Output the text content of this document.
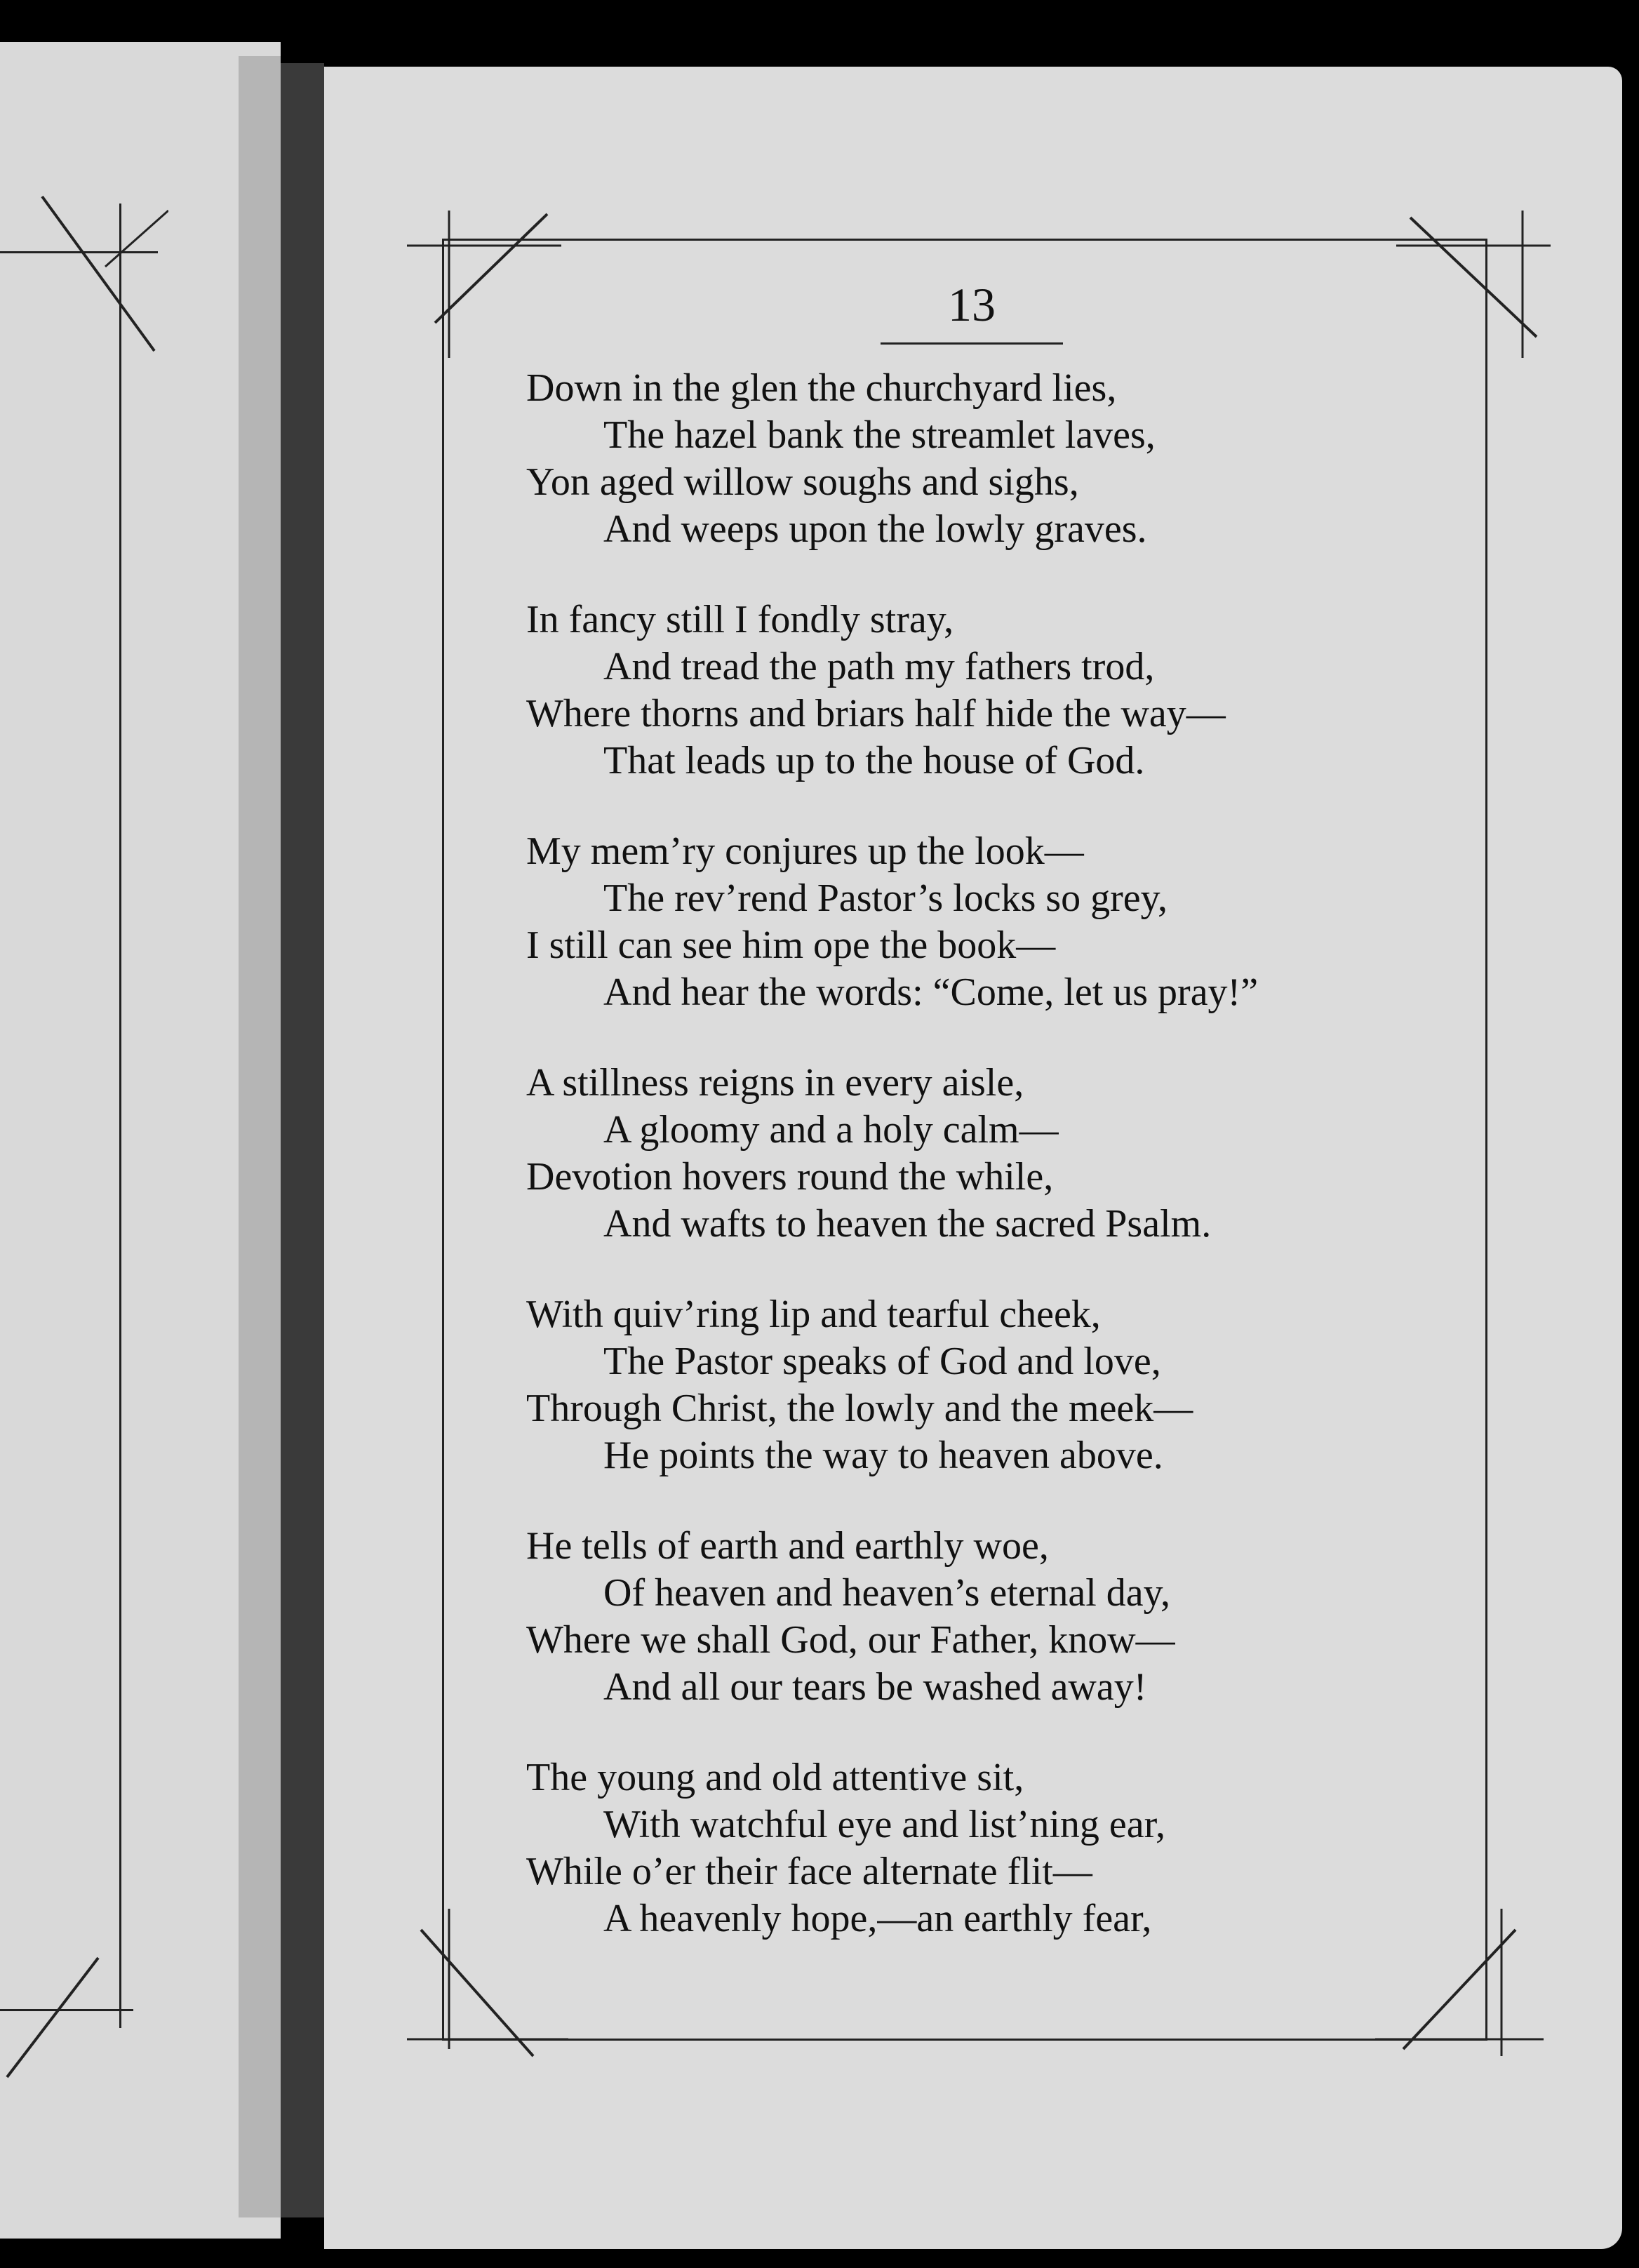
13
Down in the glen the churchyard lies,
The hazel bank the streamlet laves,
Yon aged willow soughs and sighs,
And weeps upon the lowly graves.
In fancy still I fondly stray,
And tread the path my fathers trod,
Where thorns and briars half hide the way—
That leads up to the house of God.
My mem’ry conjures up the look—
The rev’rend Pastor’s locks so grey,
I still can see him ope the book—
And hear the words: “Come, let us pray!”
A stillness reigns in every aisle,
A gloomy and a holy calm—
Devotion hovers round the while,
And wafts to heaven the sacred Psalm.
With quiv’ring lip and tearful cheek,
The Pastor speaks of God and love,
Through Christ, the lowly and the meek—
He points the way to heaven above.
He tells of earth and earthly woe,
Of heaven and heaven’s eternal day,
Where we shall God, our Father, know—
And all our tears be washed away!
The young and old attentive sit,
With watchful eye and list’ning ear,
While o’er their face alternate flit—
A heavenly hope,—an earthly fear,
